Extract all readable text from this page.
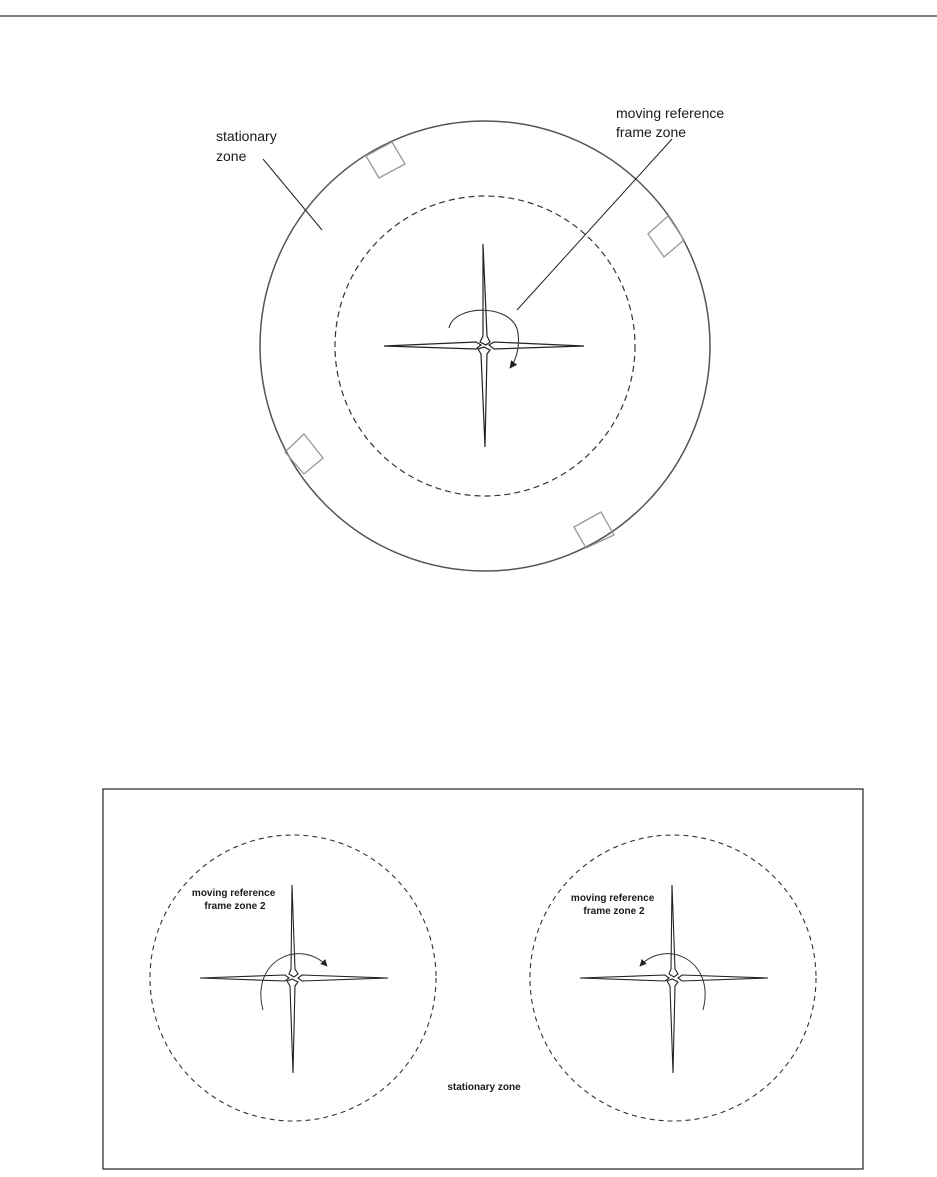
stationary zone
moving reference frame zone
moving reference frame zone 2
moving reference frame zone 2
stationary zone
